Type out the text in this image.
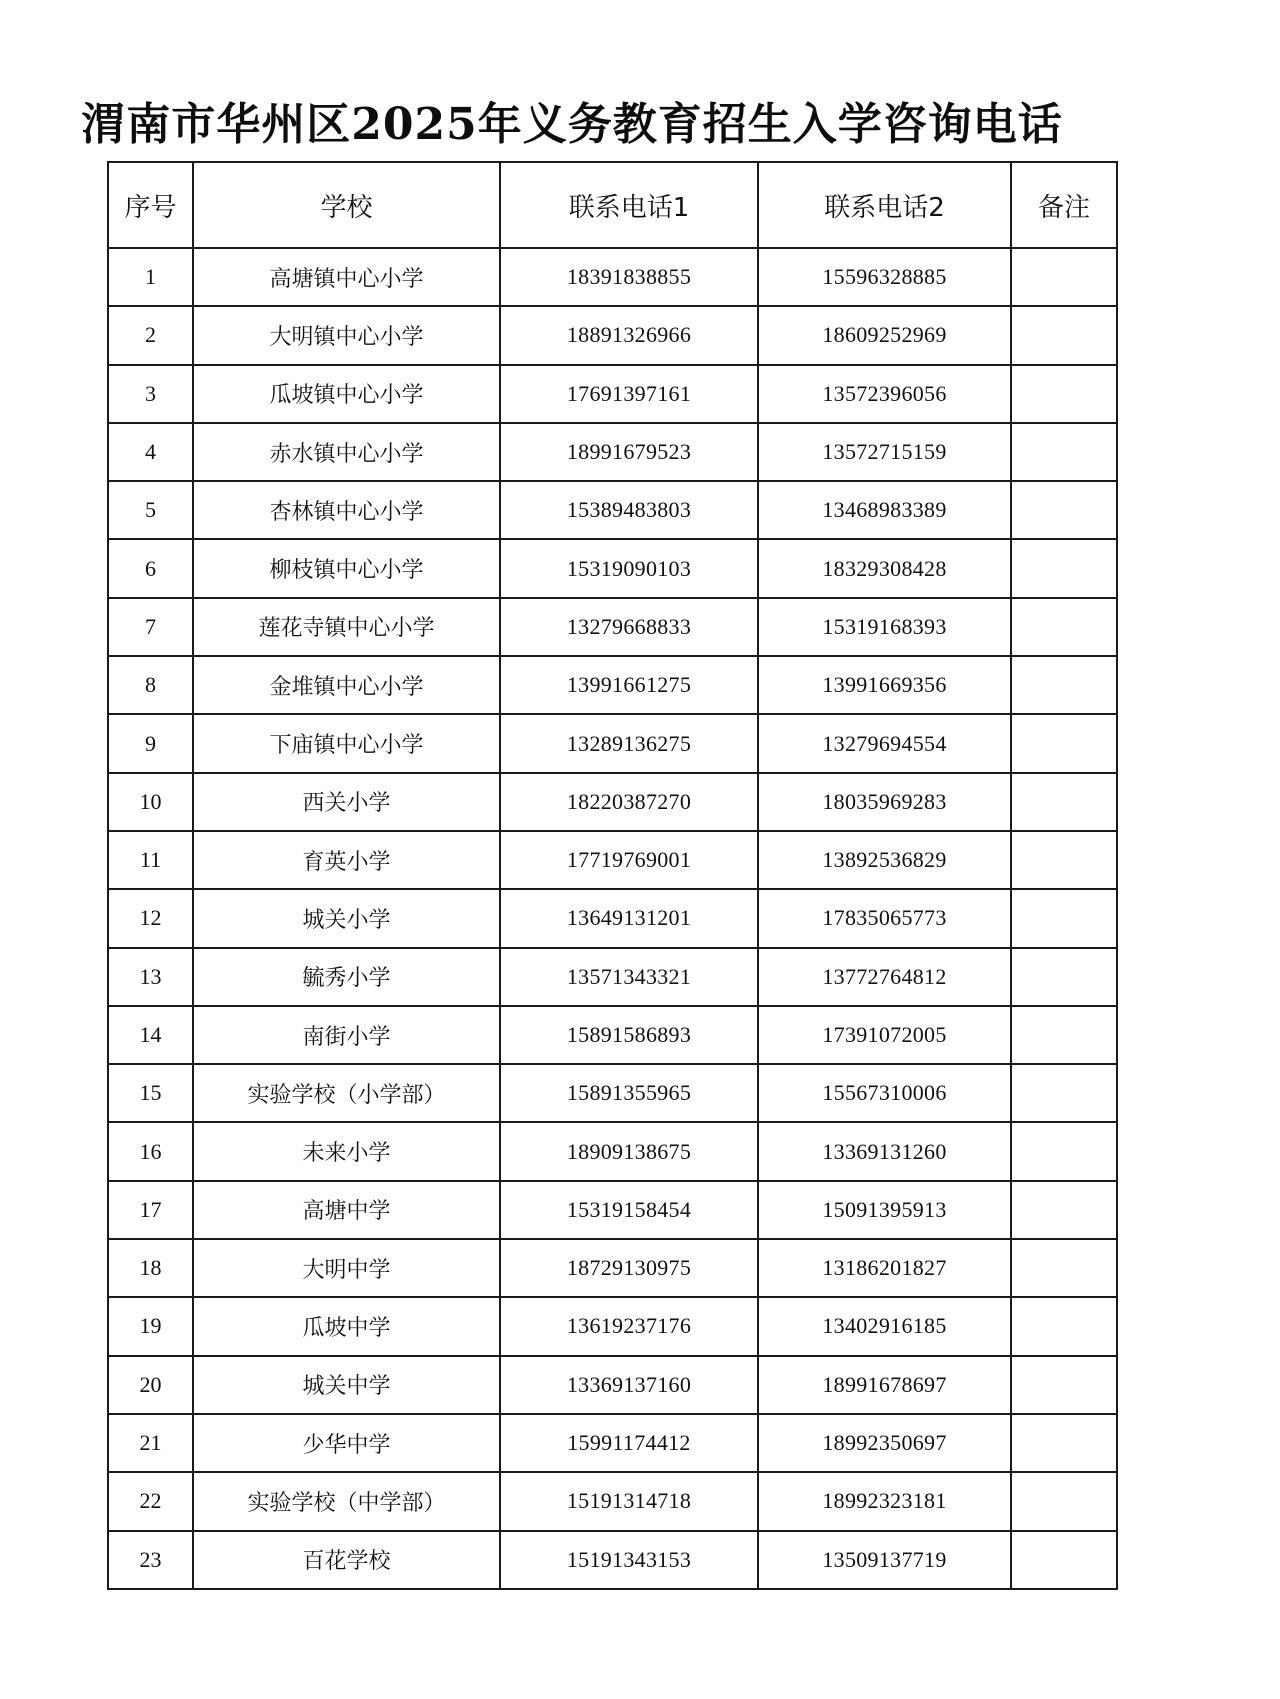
渭南市华州区2025年义务教育招生入学咨询电话
序号	学校	联系电话1	联系电话2	备注
1	高塘镇中心小学	18391838855	15596328885	
2	大明镇中心小学	18891326966	18609252969	
3	瓜坡镇中心小学	17691397161	13572396056	
4	赤水镇中心小学	18991679523	13572715159	
5	杏林镇中心小学	15389483803	13468983389	
6	柳枝镇中心小学	15319090103	18329308428	
7	莲花寺镇中心小学	13279668833	15319168393	
8	金堆镇中心小学	13991661275	13991669356	
9	下庙镇中心小学	13289136275	13279694554	
10	西关小学	18220387270	18035969283	
11	育英小学	17719769001	13892536829	
12	城关小学	13649131201	17835065773	
13	毓秀小学	13571343321	13772764812	
14	南街小学	15891586893	17391072005	
15	实验学校（小学部）	15891355965	15567310006	
16	未来小学	18909138675	13369131260	
17	高塘中学	15319158454	15091395913	
18	大明中学	18729130975	13186201827	
19	瓜坡中学	13619237176	13402916185	
20	城关中学	13369137160	18991678697	
21	少华中学	15991174412	18992350697	
22	实验学校（中学部）	15191314718	18992323181	
23	百花学校	15191343153	13509137719	
